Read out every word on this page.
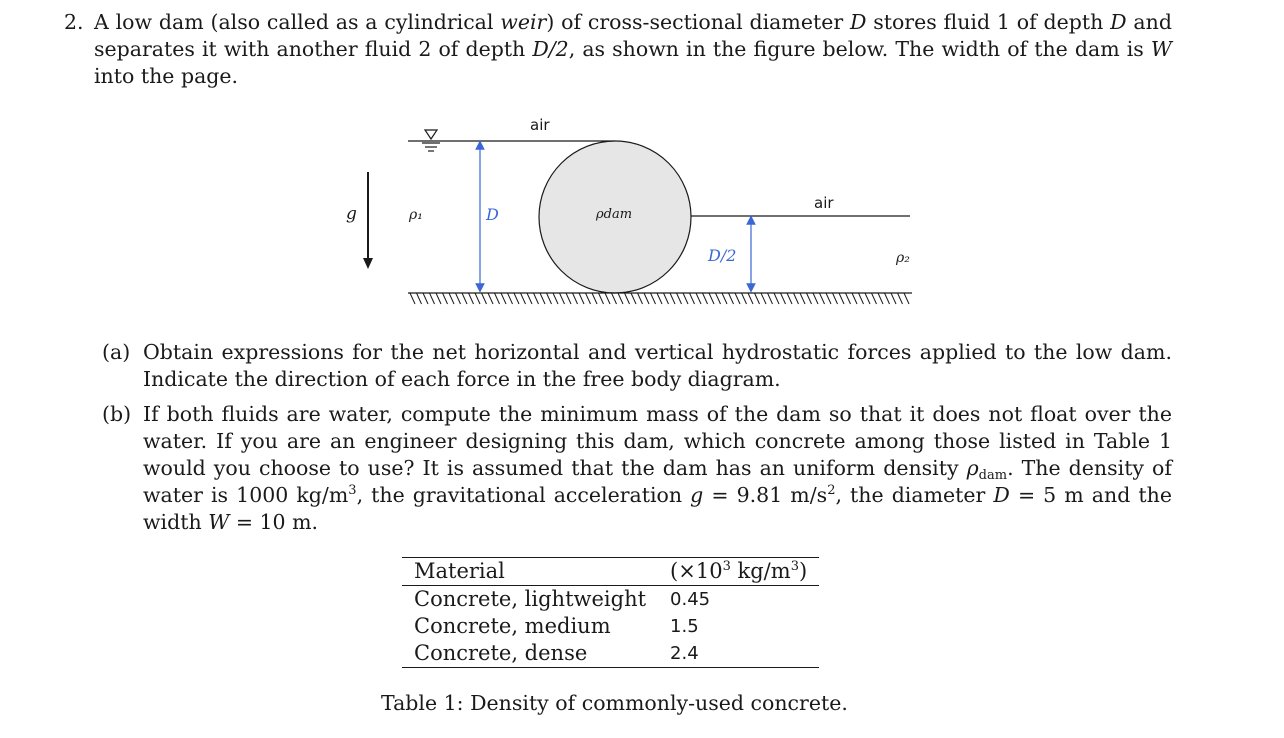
2. A low dam (also called as a cylindrical weir) of cross-sectional diameter D stores fluid 1 of depth D and separates it with another fluid 2 of depth D/2, as shown in the figure below. The width of the dam is W into the page.
air
g	ρ₁	D	ρdam
air
D/2	ρ₂
(a) Obtain expressions for the net horizontal and vertical hydrostatic forces applied to the low dam. Indicate the direction of each force in the free body diagram.
(b) If both fluids are water, compute the minimum mass of the dam so that it does not float over the water. If you are an engineer designing this dam, which concrete among those listed in Table 1 would you choose to use? It is assumed that the dam has an uniform density $\rho_{dam}$. The density of water is 1000 $kg/m^3$, the gravitational acceleration g = 9.81 $m/s^2$, the diameter D = 5 m and the width W = 10 m.
Material	($\times 10^3$ $kg/m^3$)
Concrete, lightweight	0.45
Concrete, medium	1.5
Concrete, dense	2.4
Table 1: Density of commonly-used concrete.
